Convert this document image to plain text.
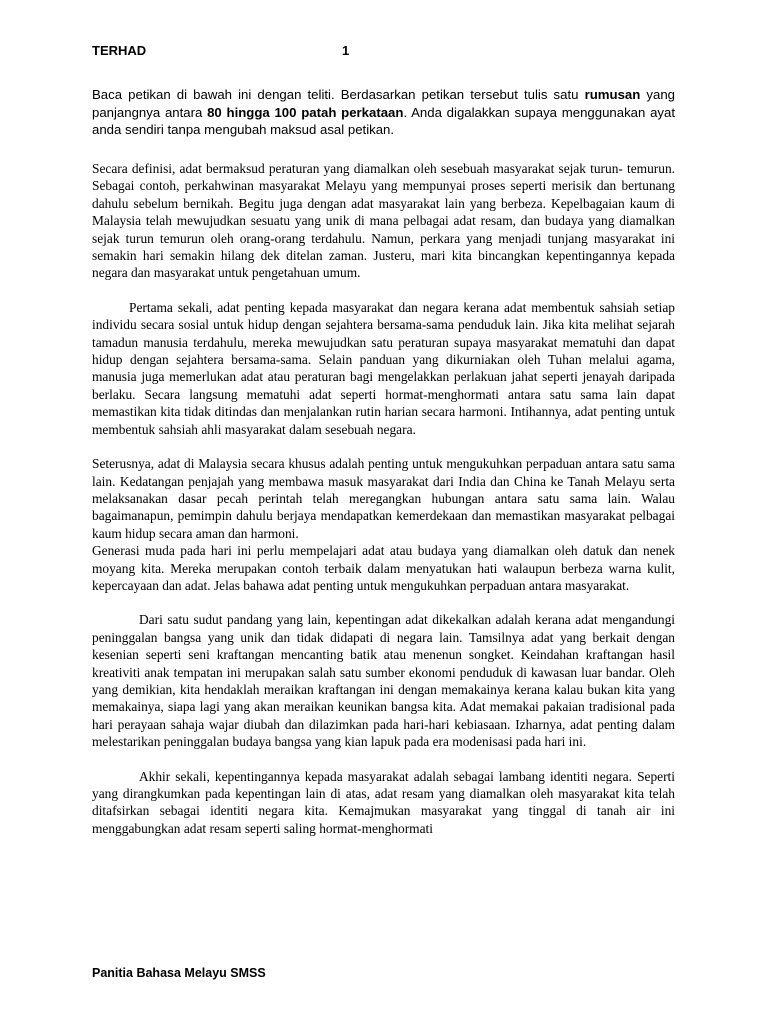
TERHAD	1

Baca petikan di bawah ini dengan teliti. Berdasarkan petikan tersebut tulis satu rumusan yang panjangnya antara 80 hingga 100 patah perkataan. Anda digalakkan supaya menggunakan ayat anda sendiri tanpa mengubah maksud asal petikan.

Secara definisi, adat bermaksud peraturan yang diamalkan oleh sesebuah masyarakat sejak turun- temurun. Sebagai contoh, perkahwinan masyarakat Melayu yang mempunyai proses seperti merisik dan bertunang dahulu sebelum bernikah. Begitu juga dengan adat masyarakat lain yang berbeza. Kepelbagaian kaum di Malaysia telah mewujudkan sesuatu yang unik di mana pelbagai adat resam, dan budaya yang diamalkan sejak turun temurun oleh orang-orang terdahulu. Namun, perkara yang menjadi tunjang masyarakat ini semakin hari semakin hilang dek ditelan zaman. Justeru, mari kita bincangkan kepentingannya kepada negara dan masyarakat untuk pengetahuan umum.

Pertama sekali, adat penting kepada masyarakat dan negara kerana adat membentuk sahsiah setiap individu secara sosial untuk hidup dengan sejahtera bersama-sama penduduk lain. Jika kita melihat sejarah tamadun manusia terdahulu, mereka mewujudkan satu peraturan supaya masyarakat mematuhi dan dapat hidup dengan sejahtera bersama-sama. Selain panduan yang dikurniakan oleh Tuhan melalui agama, manusia juga memerlukan adat atau peraturan bagi mengelakkan perlakuan jahat seperti jenayah daripada berlaku. Secara langsung mematuhi adat seperti hormat-menghormati antara satu sama lain dapat memastikan kita tidak ditindas dan menjalankan rutin harian secara harmoni. Intihannya, adat penting untuk membentuk sahsiah ahli masyarakat dalam sesebuah negara.

Seterusnya, adat di Malaysia secara khusus adalah penting untuk mengukuhkan perpaduan antara satu sama lain. Kedatangan penjajah yang membawa masuk masyarakat dari India dan China ke Tanah Melayu serta melaksanakan dasar pecah perintah telah meregangkan hubungan antara satu sama lain. Walau bagaimanapun, pemimpin dahulu berjaya mendapatkan kemerdekaan dan memastikan masyarakat pelbagai kaum hidup secara aman dan harmoni.

Generasi muda pada hari ini perlu mempelajari adat atau budaya yang diamalkan oleh datuk dan nenek moyang kita. Mereka merupakan contoh terbaik dalam menyatukan hati walaupun berbeza warna kulit, kepercayaan dan adat. Jelas bahawa adat penting untuk mengukuhkan perpaduan antara masyarakat.

Dari satu sudut pandang yang lain, kepentingan adat dikekalkan adalah kerana adat mengandungi peninggalan bangsa yang unik dan tidak didapati di negara lain. Tamsilnya adat yang berkait dengan kesenian seperti seni kraftangan mencanting batik atau menenun songket. Keindahan kraftangan hasil kreativiti anak tempatan ini merupakan salah satu sumber ekonomi penduduk di kawasan luar bandar. Oleh yang demikian, kita hendaklah meraikan kraftangan ini dengan memakainya kerana kalau bukan kita yang memakainya, siapa lagi yang akan meraikan keunikan bangsa kita. Adat memakai pakaian tradisional pada hari perayaan sahaja wajar diubah dan dilazimkan pada hari-hari kebiasaan. Izharnya, adat penting dalam melestarikan peninggalan budaya bangsa yang kian lapuk pada era modenisasi pada hari ini.

Akhir sekali, kepentingannya kepada masyarakat adalah sebagai lambang identiti negara. Seperti yang dirangkumkan pada kepentingan lain di atas, adat resam yang diamalkan oleh masyarakat kita telah ditafsirkan sebagai identiti negara kita. Kemajmukan masyarakat yang tinggal di tanah air ini menggabungkan adat resam seperti saling hormat-menghormati

Panitia Bahasa Melayu SMSS
